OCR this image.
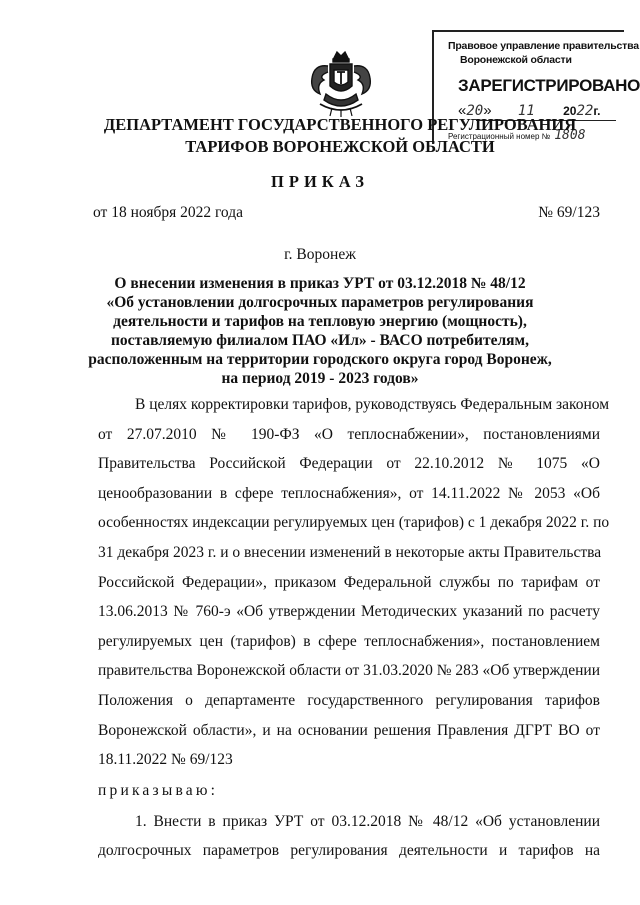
Правовое управление правительства
Воронежской области
ЗАРЕГИСТРИРОВАНО
«20» 11 2022г.
Регистрационный номер № 1808
ДЕПАРТАМЕНТ ГОСУДАРСТВЕННОГО РЕГУЛИРОВАНИЯ
ТАРИФОВ ВОРОНЕЖСКОЙ ОБЛАСТИ
ПРИКАЗ
от 18 ноября 2022 года	№ 69/123
г. Воронеж
О внесении изменения в приказ УРТ от 03.12.2018 № 48/12
«Об установлении долгосрочных параметров регулирования
деятельности и тарифов на тепловую энергию (мощность),
поставляемую филиалом ПАО «Ил» - ВАСО потребителям,
расположенным на территории городского округа город Воронеж,
на период 2019 - 2023 годов»
В целях корректировки тарифов, руководствуясь Федеральным законом
от 27.07.2010 № 190-ФЗ «О теплоснабжении», постановлениями
Правительства Российской Федерации от 22.10.2012 № 1075 «О
ценообразовании в сфере теплоснабжения», от 14.11.2022 № 2053 «Об
особенностях индексации регулируемых цен (тарифов) с 1 декабря 2022 г. по
31 декабря 2023 г. и о внесении изменений в некоторые акты Правительства
Российской Федерации», приказом Федеральной службы по тарифам от
13.06.2013 № 760-э «Об утверждении Методических указаний по расчету
регулируемых цен (тарифов) в сфере теплоснабжения», постановлением
правительства Воронежской области от 31.03.2020 № 283 «Об утверждении
Положения о департаменте государственного регулирования тарифов
Воронежской области», и на основании решения Правления ДГРТ ВО от
18.11.2022 № 69/123
приказываю:
1. Внести в приказ УРТ от 03.12.2018 № 48/12 «Об установлении
долгосрочных параметров регулирования деятельности и тарифов на
